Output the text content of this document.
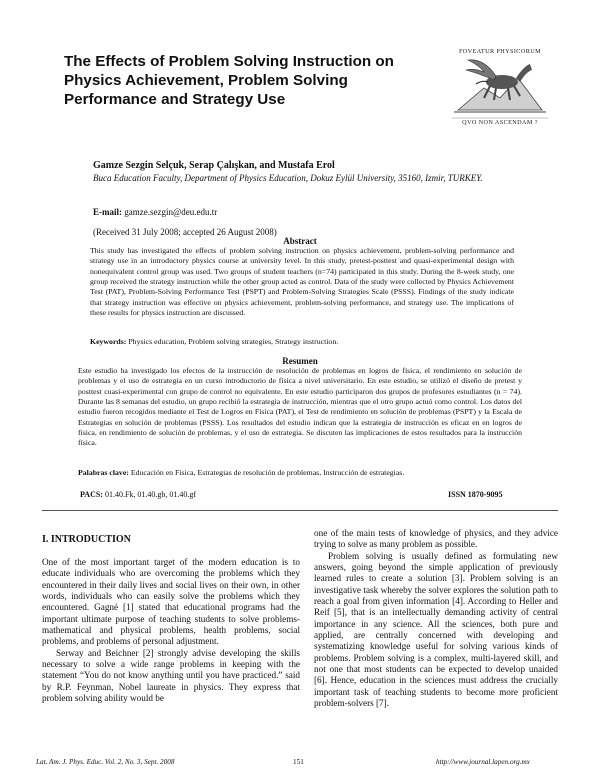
The Effects of Problem Solving Instruction on Physics Achievement, Problem Solving Performance and Strategy Use
FOVEATUR PHYSICORUM
QVO NON ASCENDAM ?
Gamze Sezgin Selçuk, Serap Çalışkan, and Mustafa Erol
Buca Education Faculty, Department of Physics Education, Dokuz Eylül University, 35160, Izmir, TURKEY.
E-mail: gamze.sezgin@deu.edu.tr
(Received 31 July 2008; accepted 26 August 2008)
Abstract

This study has investigated the effects of problem solving instruction on physics achievement, problem-solving performance and strategy use in an introductory physics course at university level. In this study, pretest-posttest and quasi-experimental design with nonequivalent control group was used. Two groups of student teachers (n=74) participated in this study. During the 8-week study, one group received the strategy instruction while the other group acted as control. Data of the study were collected by Physics Achievement Test (PAT), Problem-Solving Performance Test (PSPT) and Problem-Solving Strategies Scale (PSSS). Findings of the study indicate that strategy instruction was effective on physics achievement, problem-solving performance, and strategy use. The implications of these results for physics instruction are discussed.

Keywords: Physics education, Problem solving strategies, Strategy instruction.
Resumen

Este estudio ha investigado los efectos de la instrucción de resolución de problemas en logros de física, el rendimiento en solución de problemas y el uso de estrategia en un curso introductorio de física a nivel universitario. En este estudio, se utilizó el diseño de pretest y posttest cuasi-experimental con grupo de control no equivalente. En este estudio participaron dos grupos de profesores estudiantes (n = 74). Durante las 8 semanas del estudio, un grupo recibió la estrategia de instrucción, mientras que el otro grupo actuó como control. Los datos del estudio fueron recogidos mediante el Test de Logros en Física (PAT), el Test de rendimiento en solución de problemas (PSPT) y la Escala de Estrategias en solución de problemas (PSSS). Los resultados del estudio indican que la estrategia de instrucción es eficaz en en logros de física, en rendimiento de solución de problemas, y el uso de estrategia. Se discuten las implicaciones de estos resultados para la instrucción física.

Palabras clave: Educación en Física, Estrategias de resolución de problemas, Instrucción de estrategias.
PACS: 01.40.Fk, 01.40.gb, 01.40.gf	ISSN 1870-9095
I. INTRODUCTION

One of the most important target of the modern education is to educate individuals who are overcoming the problems which they encountered in their daily lives and social lives on their own, in other words, individuals who can easily solve the problems which they encountered. Gagné [1] stated that educational programs had the important ultimate purpose of teaching students to solve problems-mathematical and physical problems, health problems, social problems, and problems of personal adjustment.

Serway and Beichner [2] strongly advise developing the skills necessary to solve a wide range problems in keeping with the statement “You do not know anything until you have practiced.” said by R.P. Feynman, Nobel laureate in physics. They express that problem solving ability would be

one of the main tests of knowledge of physics, and they advice trying to solve as many problem as possible.

Problem solving is usually defined as formulating new answers, going beyond the simple application of previously learned rules to create a solution [3]. Problem solving is an investigative task whereby the solver explores the solution path to reach a goal from given information [4]. According to Heller and Reif [5], that is an intellectually demanding activity of central importance in any science. All the sciences, both pure and applied, are centrally concerned with developing and systematizing knowledge useful for solving various kinds of problems. Problem solving is a complex, multi-layered skill, and not one that most students can be expected to develop unaided [6]. Hence, education in the sciences must address the crucially important task of teaching students to become more proficient problem-solvers [7].

Lat. Am. J. Phys. Educ. Vol. 2, No. 3, Sept. 2008	151	http://www.journal.lapen.org.mx
